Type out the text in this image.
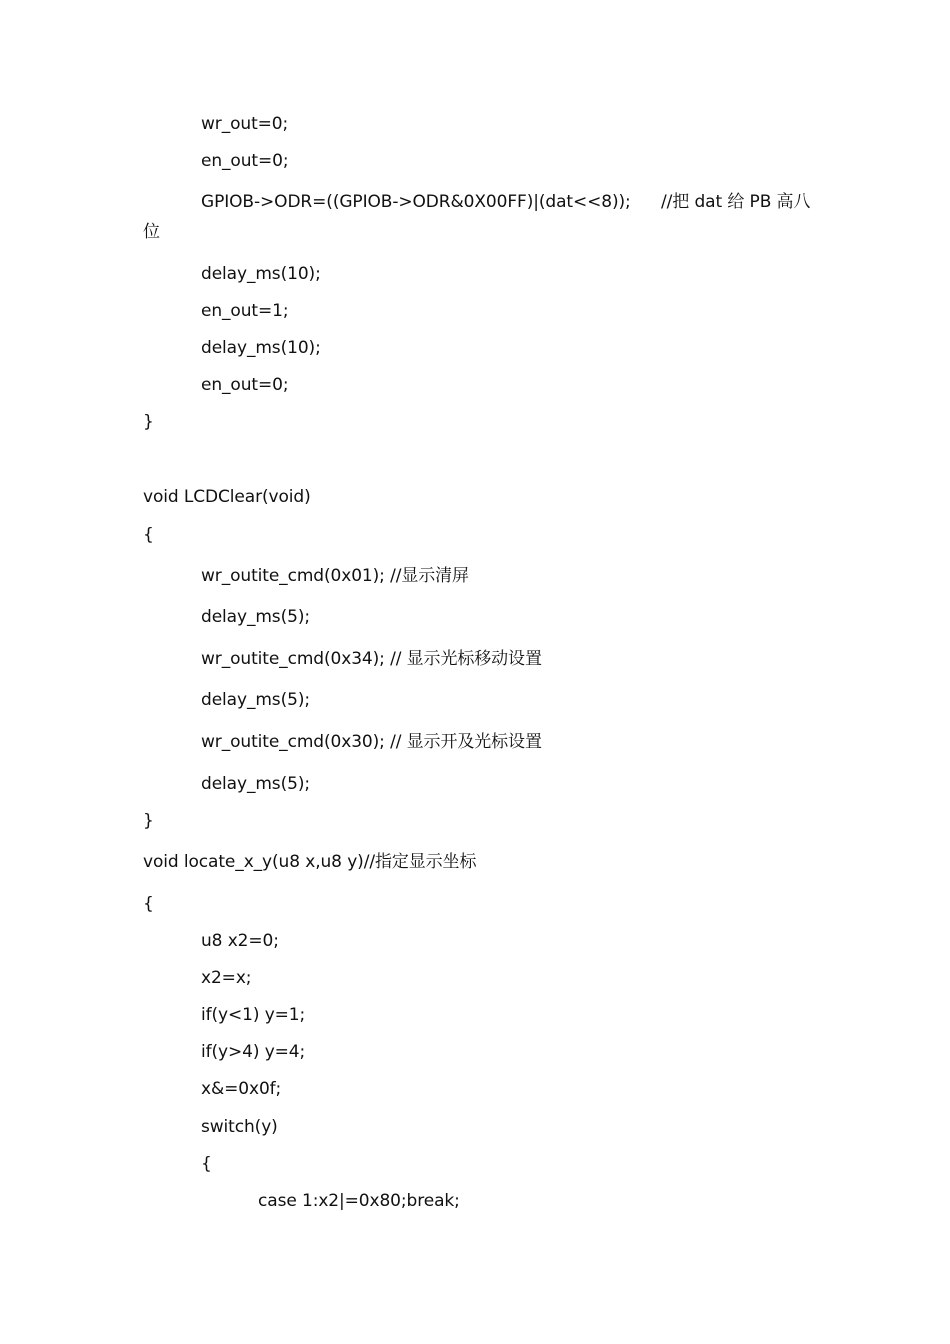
wr_out=0;
en_out=0;
GPIOB->ODR=((GPIOB->ODR&0X00FF)|(dat<<8)); //把 dat 给 PB 高八
位
delay_ms(10);
en_out=1;
delay_ms(10);
en_out=0;
}
void LCDClear(void)
{
wr_outite_cmd(0x01); //显示清屏
delay_ms(5);
wr_outite_cmd(0x34); // 显示光标移动设置
delay_ms(5);
wr_outite_cmd(0x30); // 显示开及光标设置
delay_ms(5);
}
void locate_x_y(u8 x,u8 y)//指定显示坐标
{
u8 x2=0;
x2=x;
if(y<1) y=1;
if(y>4) y=4;
x&=0x0f;
switch(y)
{
case 1:x2|=0x80;break;
